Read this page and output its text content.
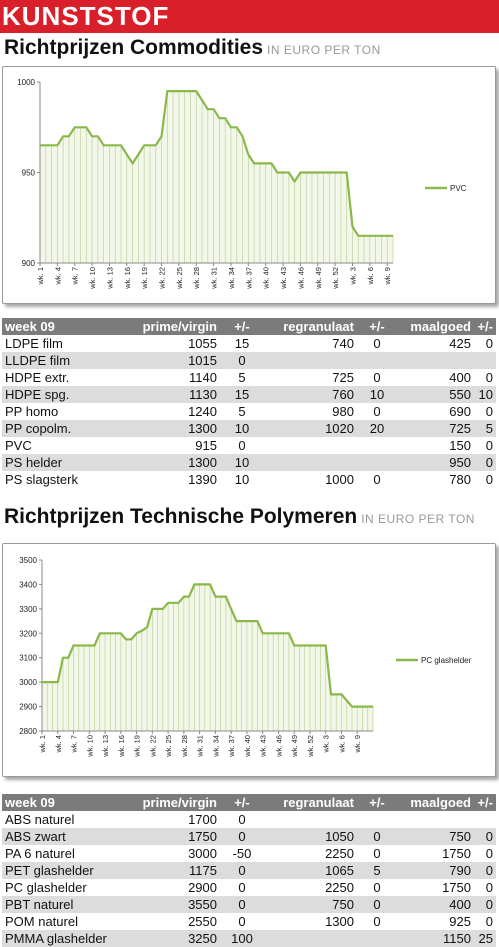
KUNSTSTOF
Richtprijzen Commodities IN EURO PER TON
900
950
1000
wk. 1 wk. 4 wk. 7 wk. 10 wk. 13 wk. 16 wk. 19 wk. 22 wk. 25 wk. 28 wk. 31 wk. 34 wk. 37 wk. 40 wk. 43 wk. 46 wk. 49 wk. 52 wk. 3 wk. 6 wk. 9
PVC
week 09	prime/virgin	+/-	regranulaat	+/-	maalgoed	+/-
LDPE film	1055	15	740	0	425	0
LLDPE film	1015	0				
HDPE extr.	1140	5	725	0	400	0
HDPE spg.	1130	15	760	10	550	10
PP homo	1240	5	980	0	690	0
PP copolm.	1300	10	1020	20	725	5
PVC	915	0			150	0
PS helder	1300	10			950	0
PS slagsterk	1390	10	1000	0	780	0
Richtprijzen Technische Polymeren IN EURO PER TON
2800
2900
3000
3100
3200
3300
3400
3500
wk. 1 wk. 4 wk. 7 wk. 10 wk. 13 wk. 16 wk. 19 wk. 22 wk. 25 wk. 28 wk. 31 wk. 34 wk. 37 wk. 40 wk. 43 wk. 46 wk. 49 wk. 52 wk. 3 wk. 6 wk. 9
PC glashelder
week 09	prime/virgin	+/-	regranulaat	+/-	maalgoed	+/-
ABS naturel	1700	0				
ABS zwart	1750	0	1050	0	750	0
PA 6 naturel	3000	-50	2250	0	1750	0
PET glashelder	1175	0	1065	5	790	0
PC glashelder	2900	0	2250	0	1750	0
PBT naturel	3550	0	750	0	400	0
POM naturel	2550	0	1300	0	925	0
PMMA glashelder	3250	100			1150	25
